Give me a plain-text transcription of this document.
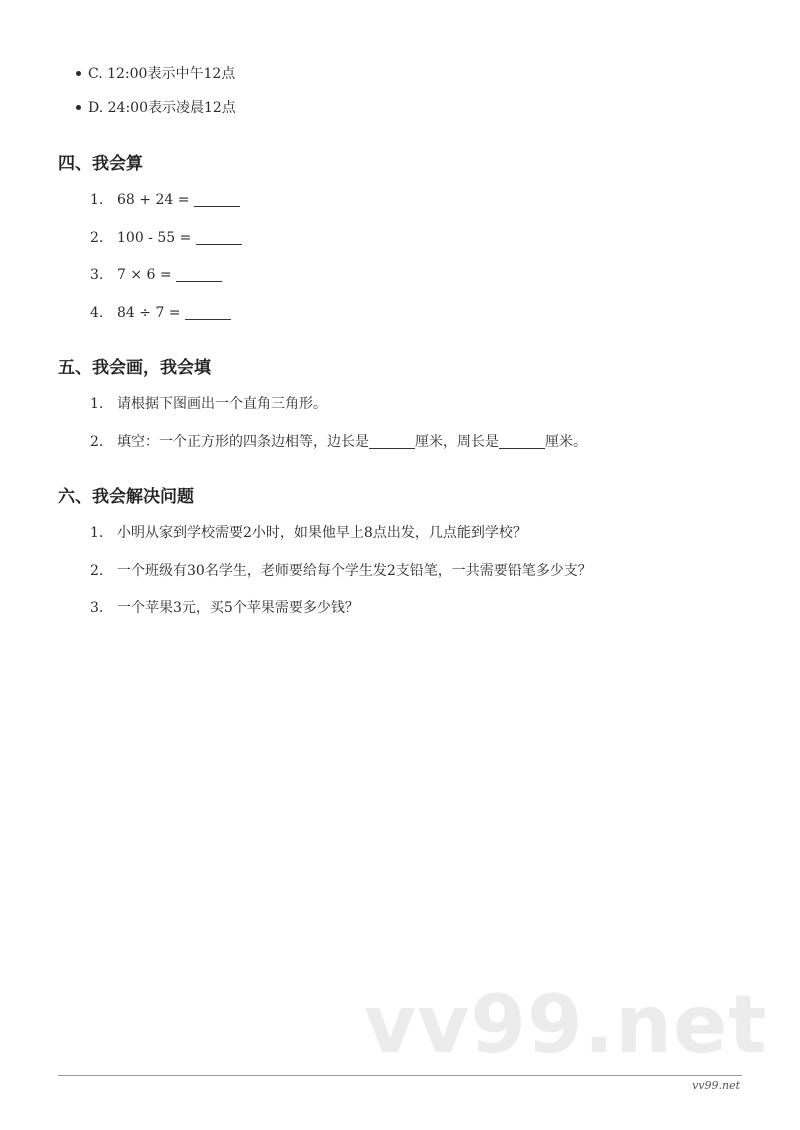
C. 12:00表示中午12点
D. 24:00表示凌晨12点
四、我会算
1. 68 + 24 =
2. 100 - 55 =
3. 7 × 6 =
4. 84 ÷ 7 =
五、我会画，我会填
1. 请根据下图画出一个直角三角形。
2. 填空：一个正方形的四条边相等，边长是	厘米，周长是	厘米。
六、我会解决问题
1. 小明从家到学校需要2小时，如果他早上8点出发，几点能到学校？
2. 一个班级有30名学生，老师要给每个学生发2支铅笔，一共需要铅笔多少支？
3. 一个苹果3元，买5个苹果需要多少钱？
vv99.net
vv99.net
